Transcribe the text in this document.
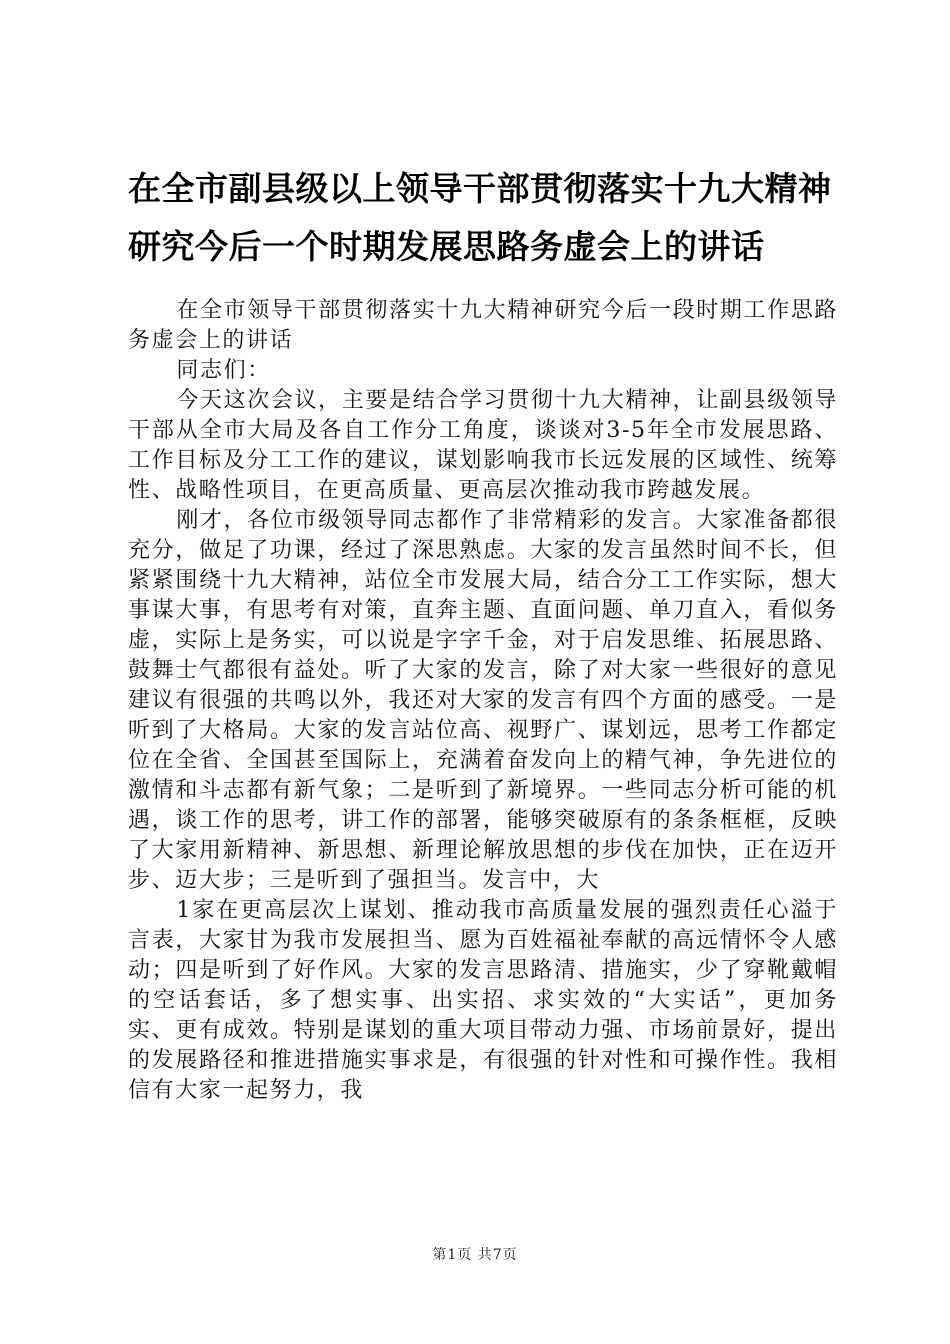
在全市副县级以上领导干部贯彻落实十九大精神研究今后一个时期发展思路务虚会上的讲话

在全市领导干部贯彻落实十九大精神研究今后一段时期工作思路务虚会上的讲话

同志们：

今天这次会议，主要是结合学习贯彻十九大精神，让副县级领导干部从全市大局及各自工作分工角度，谈谈对3-5年全市发展思路、工作目标及分工工作的建议，谋划影响我市长远发展的区域性、统筹性、战略性项目，在更高质量、更高层次推动我市跨越发展。

刚才，各位市级领导同志都作了非常精彩的发言。大家准备都很充分，做足了功课，经过了深思熟虑。大家的发言虽然时间不长，但紧紧围绕十九大精神，站位全市发展大局，结合分工工作实际，想大事谋大事，有思考有对策，直奔主题、直面问题、单刀直入，看似务虚，实际上是务实，可以说是字字千金，对于启发思维、拓展思路、鼓舞士气都很有益处。听了大家的发言，除了对大家一些很好的意见建议有很强的共鸣以外，我还对大家的发言有四个方面的感受。一是听到了大格局。大家的发言站位高、视野广、谋划远，思考工作都定位在全省、全国甚至国际上，充满着奋发向上的精气神，争先进位的激情和斗志都有新气象；二是听到了新境界。一些同志分析可能的机遇，谈工作的思考，讲工作的部署，能够突破原有的条条框框，反映了大家用新精神、新思想、新理论解放思想的步伐在加快，正在迈开步、迈大步；三是听到了强担当。发言中，大

1家在更高层次上谋划、推动我市高质量发展的强烈责任心溢于言表，大家甘为我市发展担当、愿为百姓福祉奉献的高远情怀令人感动；四是听到了好作风。大家的发言思路清、措施实，少了穿靴戴帽的空话套话，多了想实事、出实招、求实效的“大实话”，更加务实、更有成效。特别是谋划的重大项目带动力强、市场前景好，提出的发展路径和推进措施实事求是，有很强的针对性和可操作性。我相信有大家一起努力，我

第1页 共7页
